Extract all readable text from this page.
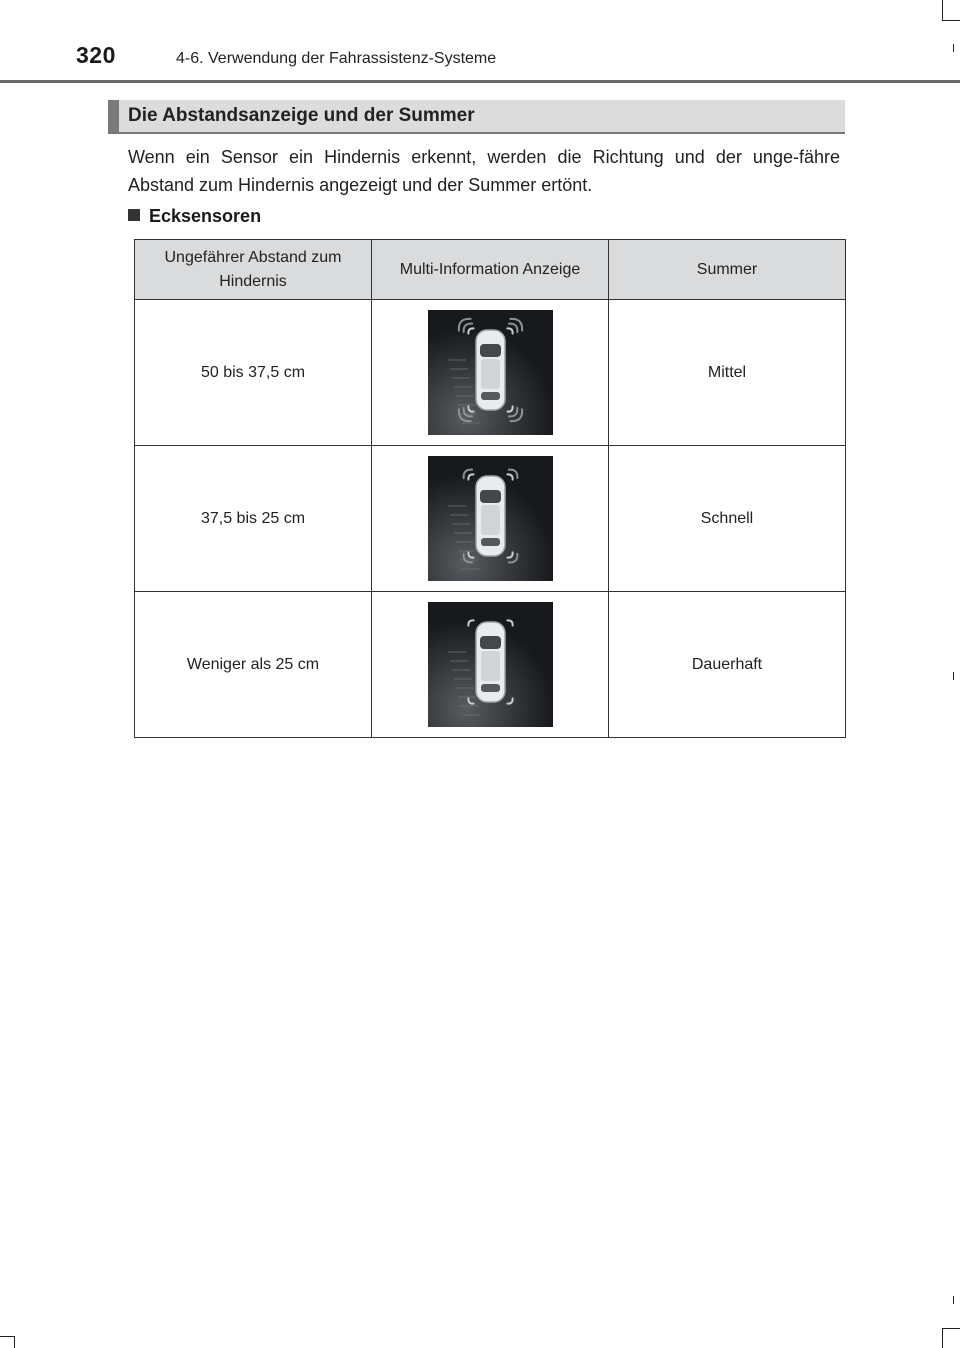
320	4-6. Verwendung der Fahrassistenz-Systeme
Die Abstandsanzeige und der Summer
Wenn ein Sensor ein Hindernis erkennt, werden die Richtung und der unge-fähre Abstand zum Hindernis angezeigt und der Summer ertönt.
Ecksensoren
Ungefähr​er Abstand zum Hindernis	Multi-Information Anzeige	Summer
50 bis 37,5 cm		Mittel
37,5 bis 25 cm		Schnell
Weniger als 25 cm		Dauerhaft
